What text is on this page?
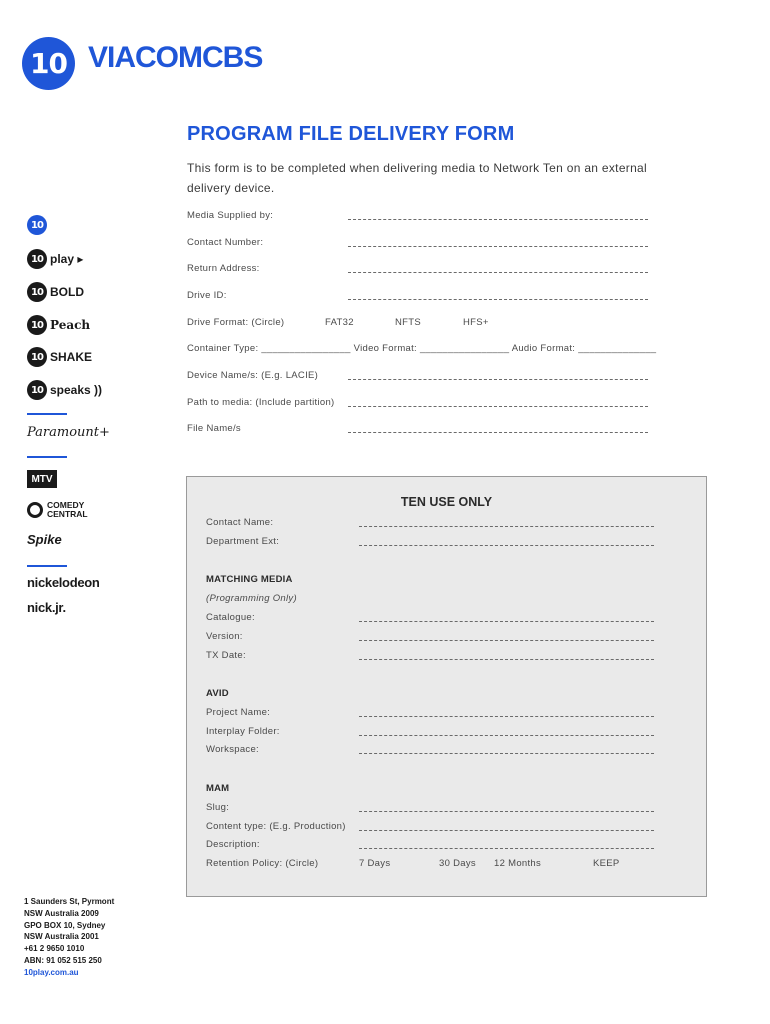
10 VIACOMCBS
PROGRAM FILE DELIVERY FORM
This form is to be completed when delivering media to Network Ten on an external delivery device.
Media Supplied by:
Contact Number:
Return Address:
Drive ID:
Drive Format: (Circle)	FAT32	NFTS	HFS+
Container Type: ________________ Video Format: ________________ Audio Format: ______________
Device Name/s: (E.g. LACIE)
Path to media: (Include partition)
File Name/s
10
10 play ▸
10 BOLD
10 Peach
10 SHAKE
10 speaks ))
Paramount+
MTV
COMEDY
CENTRAL
Spike
nickelodeon
nick.jr.
TEN USE ONLY
Contact Name:
Department Ext:
MATCHING MEDIA
(Programming Only)
Catalogue:
Version:
TX Date:
AVID
Project Name:
Interplay Folder:
Workspace:
MAM
Slug:
Content type: (E.g. Production)
Description:
Retention Policy: (Circle)	7 Days	30 Days 12 Months	KEEP
1 Saunders St, Pyrmont
NSW Australia 2009
GPO BOX 10, Sydney
NSW Australia 2001
+61 2 9650 1010
ABN: 91 052 515 250
10play.com.au
